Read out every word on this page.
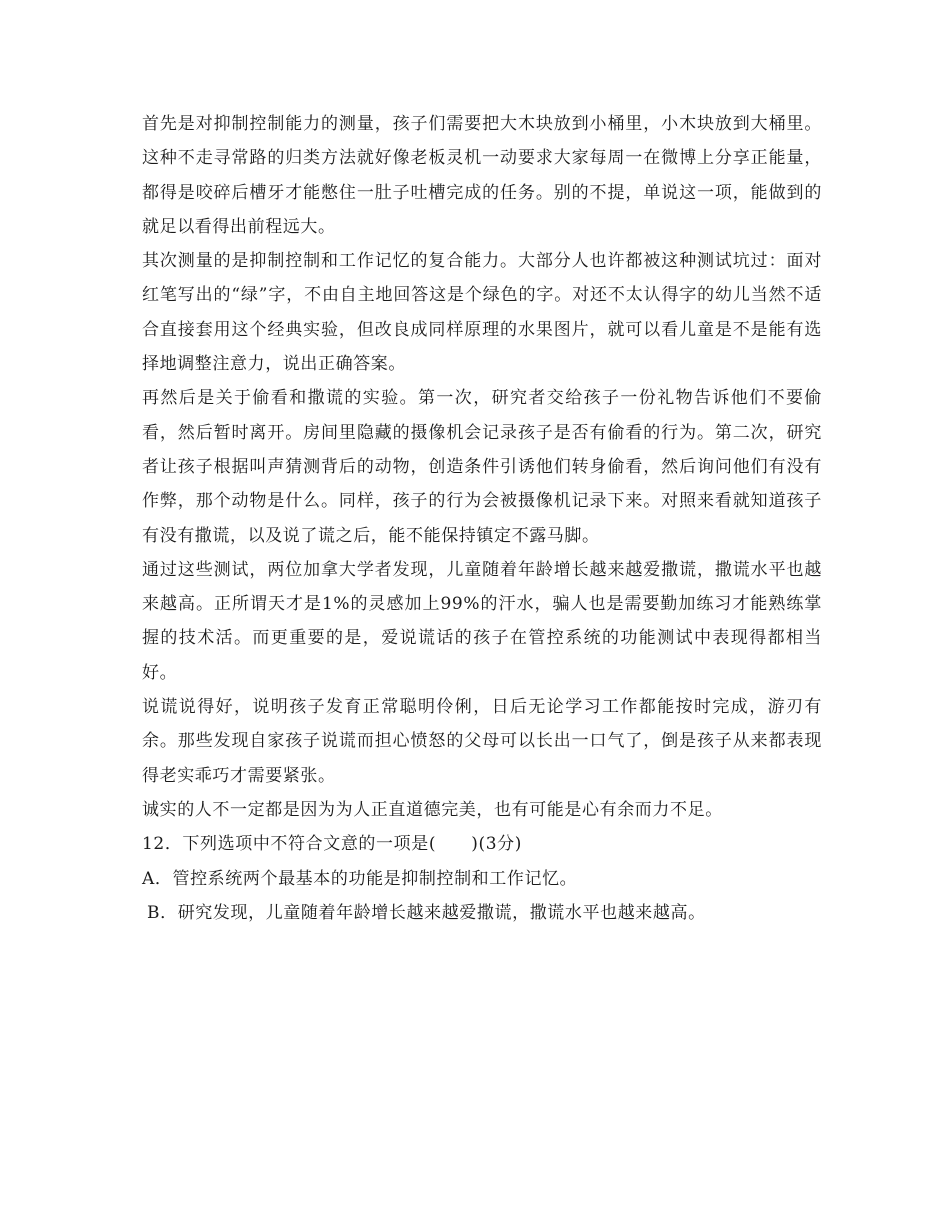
首先是对抑制控制能力的测量，孩子们需要把大木块放到小桶里，小木块放到大桶里。这种不走寻常路的归类方法就好像老板灵机一动要求大家每周一在微博上分享正能量，都得是咬碎后槽牙才能憋住一肚子吐槽完成的任务。别的不提，单说这一项，能做到的就足以看得出前程远大。

其次测量的是抑制控制和工作记忆的复合能力。大部分人也许都被这种测试坑过：面对红笔写出的“绿”字，不由自主地回答这是个绿色的字。对还不太认得字的幼儿当然不适合直接套用这个经典实验，但改良成同样原理的水果图片，就可以看儿童是不是能有选择地调整注意力，说出正确答案。

再然后是关于偷看和撒谎的实验。第一次，研究者交给孩子一份礼物告诉他们不要偷看，然后暂时离开。房间里隐藏的摄像机会记录孩子是否有偷看的行为。第二次，研究者让孩子根据叫声猜测背后的动物，创造条件引诱他们转身偷看，然后询问他们有没有作弊，那个动物是什么。同样，孩子的行为会被摄像机记录下来。对照来看就知道孩子有没有撒谎，以及说了谎之后，能不能保持镇定不露马脚。

通过这些测试，两位加拿大学者发现，儿童随着年龄增长越来越爱撒谎，撒谎水平也越来越高。正所谓天才是1%的灵感加上99%的汗水，骗人也是需要勤加练习才能熟练掌握的技术活。而更重要的是，爱说谎话的孩子在管控系统的功能测试中表现得都相当好。

说谎说得好，说明孩子发育正常聪明伶俐，日后无论学习工作都能按时完成，游刃有余。那些发现自家孩子说谎而担心愤怒的父母可以长出一口气了，倒是孩子从来都表现得老实乖巧才需要紧张。

诚实的人不一定都是因为为人正直道德完美，也有可能是心有余而力不足。

12．下列选项中不符合文意的一项是(　　)(3分)

A．管控系统两个最基本的功能是抑制控制和工作记忆。

B．研究发现，儿童随着年龄增长越来越爱撒谎，撒谎水平也越来越高。
